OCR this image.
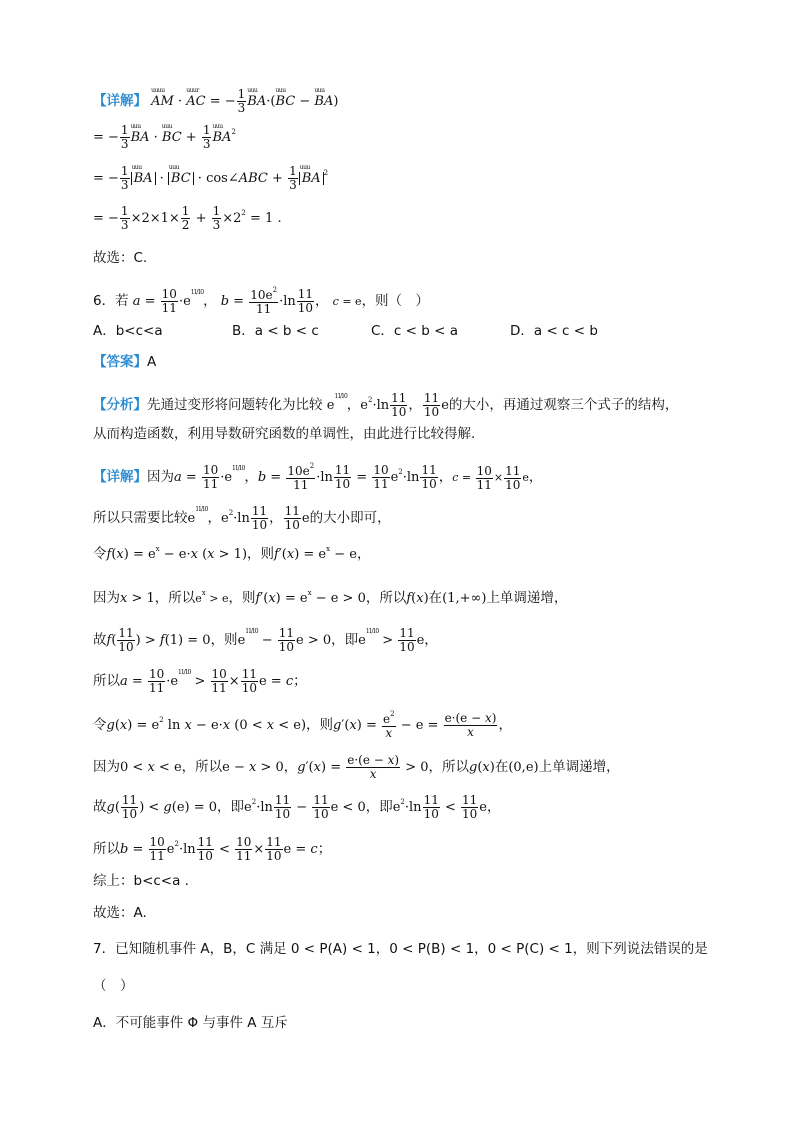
【详解】 AM
uuuu
· AC
uuur
= − $\frac{1}{3}$ BA
uuu
·(BC
uuu
− BA
uuu
)
= − $\frac{1}{3}$ BA
uuu
· BC
uuu
+ $\frac{1}{3}$ BA
uuu
$^2$
= − $\frac{1}{3}$ BA
uuu
· BC
uuu
· cos∠ABC + $\frac{1}{3}$ BA
uuu
$^2$
= − $\frac{1}{3} \times 2\times 1\times \frac{1}{2} + \frac{1}{3} \times 2^2 = 1$ .
故选：C.
6．若 $a = \frac{10}{11} \cdot e^{11/10}$， $b = \frac{10e^2}{11} \cdot\ln \frac{11}{10}$ ， c = e，则（　）
A．b<c<a	B．a < b < c	C．c < b < a	D．a < c < b
【答案】A
【分析】先通过变形将问题转化为比较 $e^{11/10}$，$e^2\cdot\ln \frac{11}{10}$ ， $\frac{11}{10}$ e的大小，再通过观察三个式子的结构，
从而构造函数，利用导数研究函数的单调性，由此进行比较得解.
【详解】因为$a = \frac{10}{11} \cdot e^{11/10}$，$b = \frac{10e^2}{11} \cdot\ln \frac{11}{10} = \frac{10}{11} e^2\cdot\ln \frac{11}{10}$ ，$c = \frac{10}{11} \times \frac{11}{10}$ e，
所以只需要比较$e^{11/10}$，$e^2\cdot\ln \frac{11}{10}$ ， $\frac{11}{10}$ e的大小即可，
令$f(x) = e^x - e\cdot x$ (x > 1)，则$f'(x) = e^x - e$，
因为x > 1，所以$e^x > e$，则$f'(x) = e^x - e > 0$，所以f(x)在(1,+∞)上单调递增，
故$f( \frac{11}{10}$ ) > f(1) = 0，则$e^{11/10} - \frac{11}{10}$ e > 0，即$e^{11/10} > \frac{11}{10}$ e，
所以$a = \frac{10}{11} \cdot e^{11/10} > \frac{10}{11} \times \frac{11}{10}$ e = c；
令$g(x) = e^2$ ln x − e·x (0 < x < e)，则$g'(x) = \frac{e^2}{x} - e = \frac{e\cdot(e - x)}{x}$ ，
因为0 < x < e，所以e − x > 0，$g'(x) = \frac{e\cdot(e - x)}{x} > 0$，所以g(x)在(0,e)上单调递增，
故$g( \frac{11}{10}$ ) < g(e) = 0，即$e^2\cdot\ln \frac{11}{10} - \frac{11}{10}$ e < 0，即$e^2\cdot\ln \frac{11}{10} < \frac{11}{10}$ e，
所以$b = \frac{10}{11} e^2\cdot\ln \frac{11}{10} < \frac{10}{11} \times \frac{11}{10}$ e = c；
综上：b<c<a .
故选：A.
7．已知随机事件 A，B，C 满足 0 < P(A) < 1，0 < P(B) < 1，0 < P(C) < 1，则下列说法错误的是
（　）
A．不可能事件 Φ 与事件 A 互斥
